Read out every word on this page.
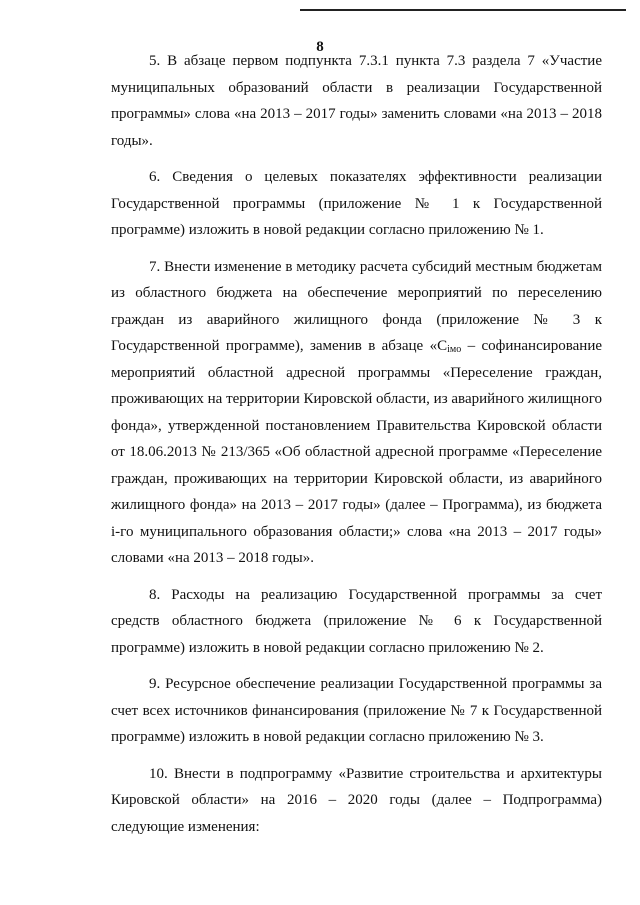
8

5. В абзаце первом подпункта 7.3.1 пункта 7.3 раздела 7 «Участие муниципальных образований области в реализации Государственной программы» слова «на 2013 – 2017 годы» заменить словами «на 2013 – 2018 годы».

6. Сведения о целевых показателях эффективности реализации Государственной программы (приложение № 1 к Государственной программе) изложить в новой редакции согласно приложению № 1.

7. Внести изменение в методику расчета субсидий местным бюджетам из областного бюджета на обеспечение мероприятий по переселению граждан из аварийного жилищного фонда (приложение № 3 к Государственной программе), заменив в абзаце «$С_{iмо}$ – софинансирование мероприятий областной адресной программы «Переселение граждан, проживающих на территории Кировской области, из аварийного жилищного фонда», утвержденной постановлением Правительства Кировской области от 18.06.2013 № 213/365 «Об областной адресной программе «Переселение граждан, проживающих на территории Кировской области, из аварийного жилищного фонда» на 2013 – 2017 годы» (далее – Программа), из бюджета i-го муниципального образования области;» слова «на 2013 – 2017 годы» словами «на 2013 – 2018 годы».

8. Расходы на реализацию Государственной программы за счет средств областного бюджета (приложение № 6 к Государственной программе) изложить в новой редакции согласно приложению № 2.

9. Ресурсное обеспечение реализации Государственной программы за счет всех источников финансирования (приложение № 7 к Государственной программе) изложить в новой редакции согласно приложению № 3.

10. Внести в подпрограмму «Развитие строительства и архитектуры Кировской области» на 2016 – 2020 годы (далее – Подпрограмма) следующие изменения:
